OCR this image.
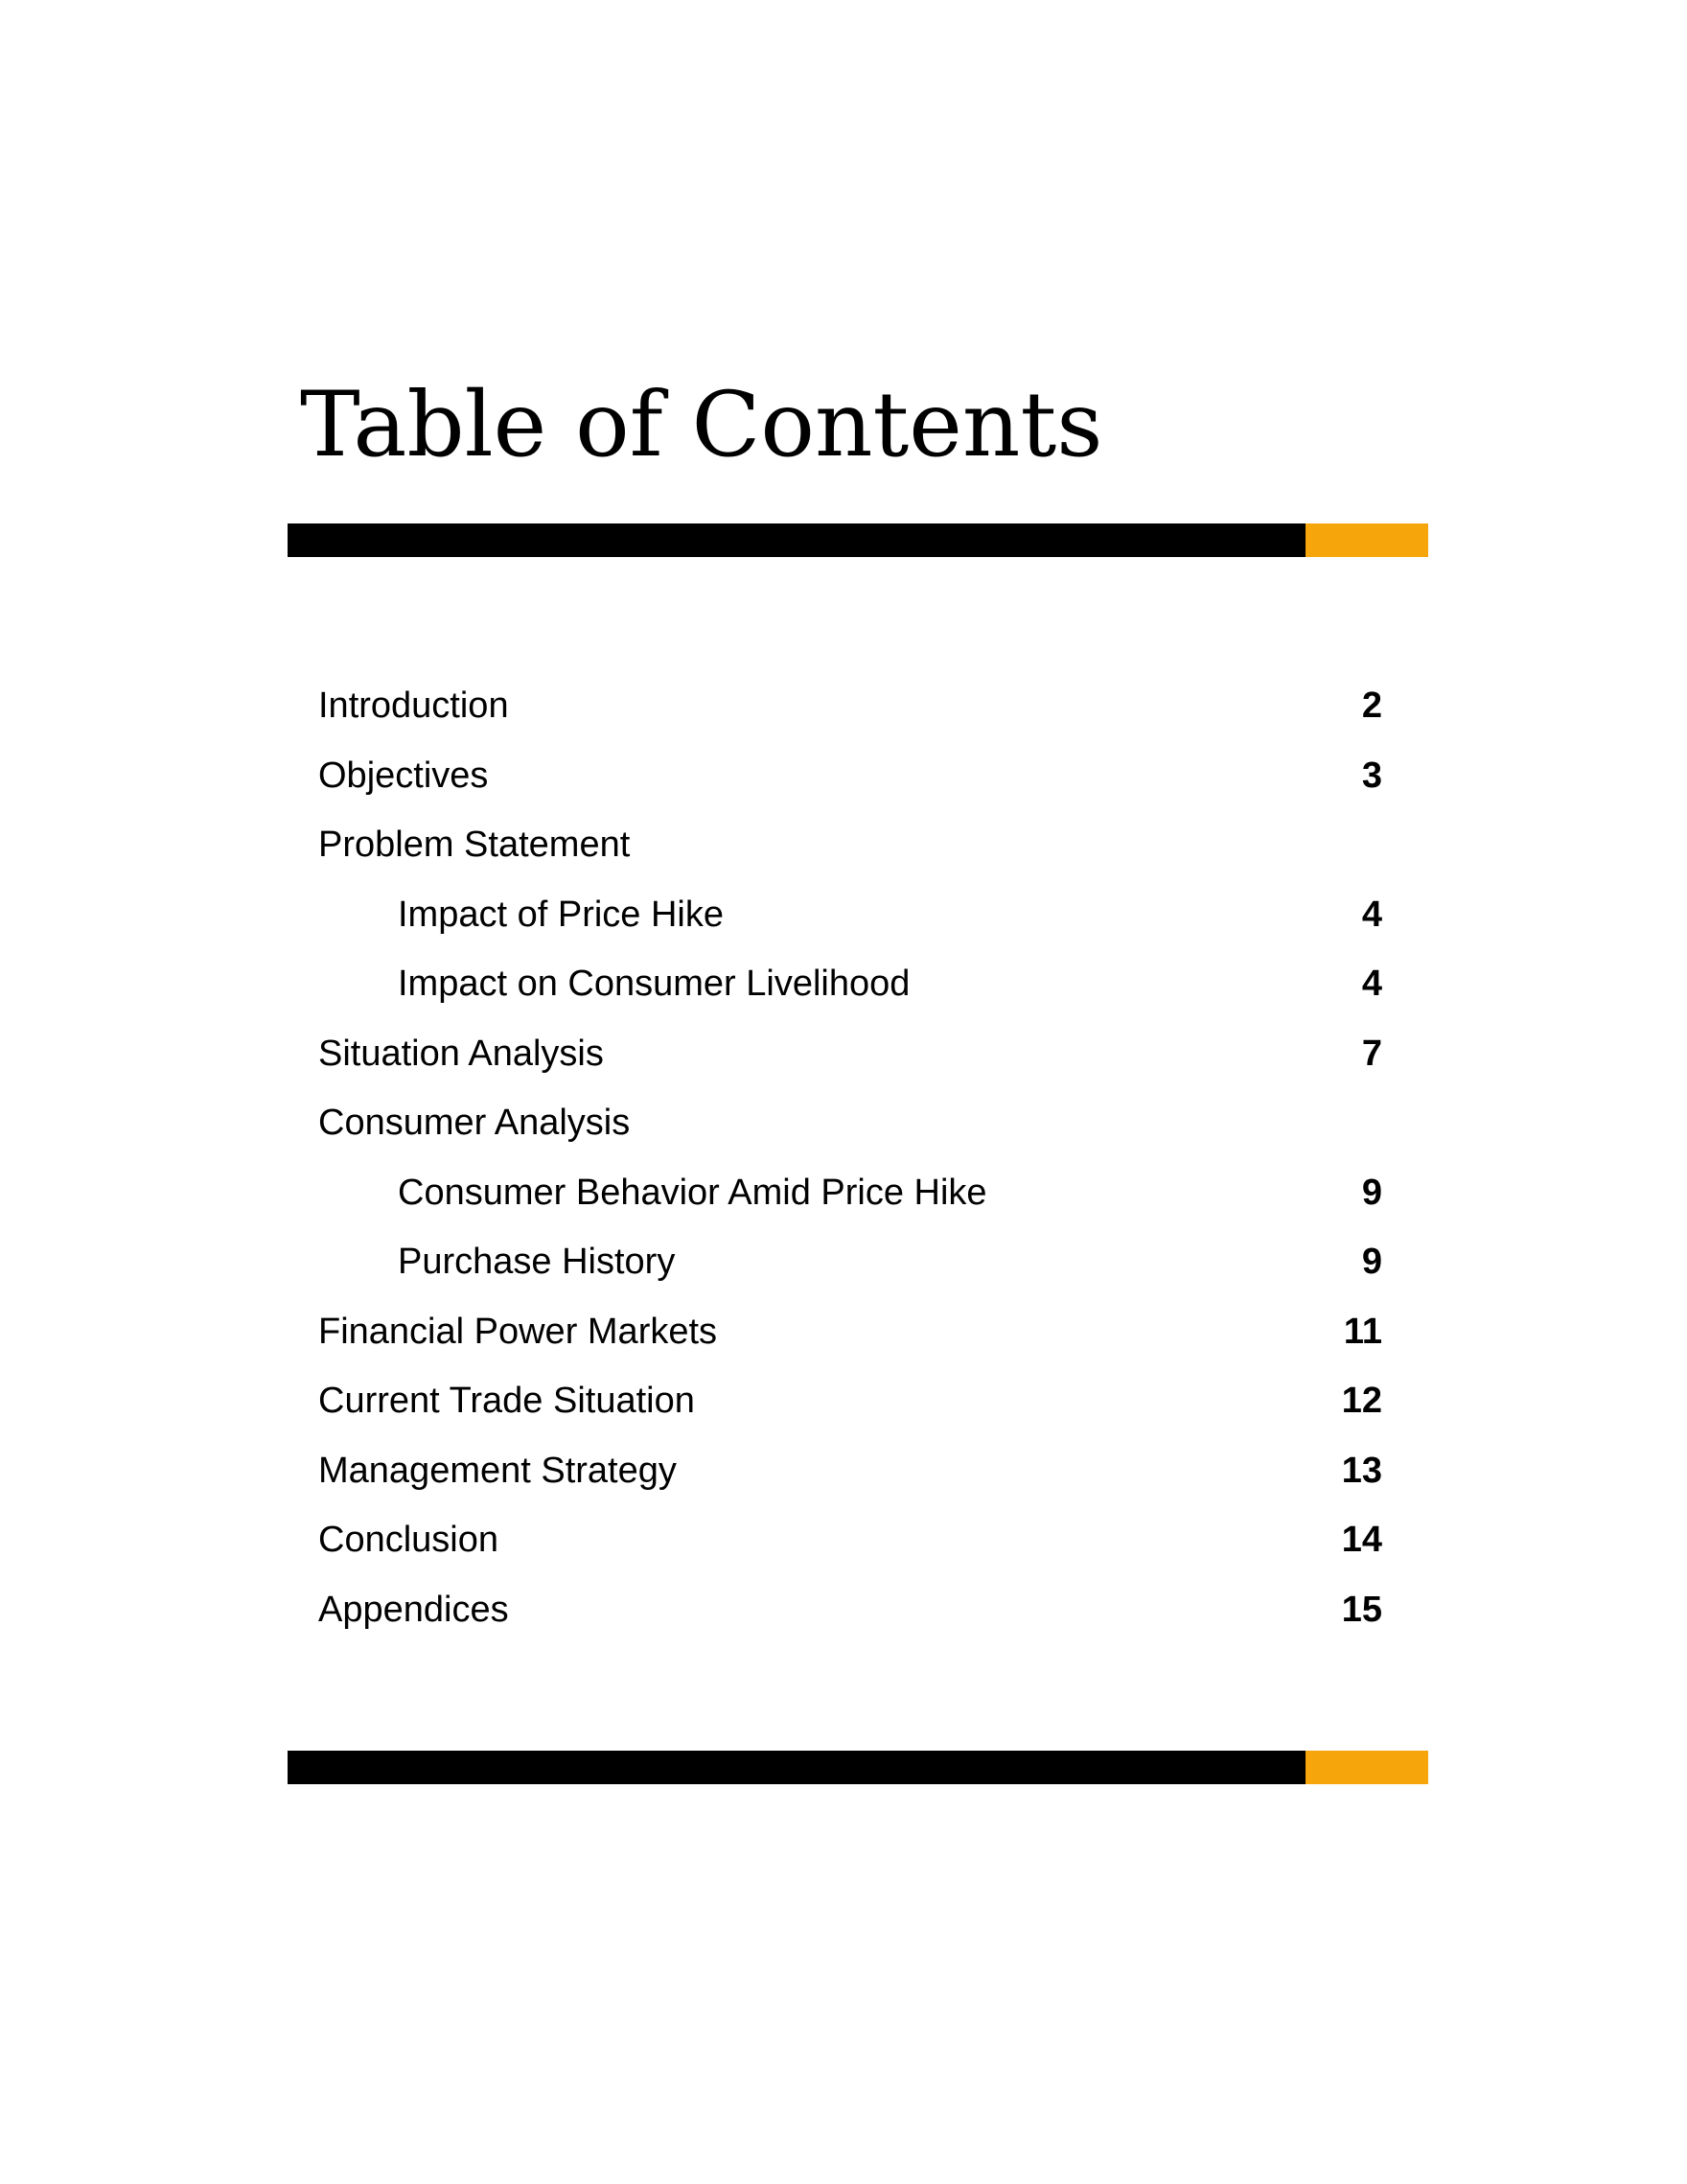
Table of Contents
Introduction	2
Objectives	3
Problem Statement
Impact of Price Hike	4
Impact on Consumer Livelihood	4
Situation Analysis	7
Consumer Analysis
Consumer Behavior Amid Price Hike	9
Purchase History	9
Financial Power Markets	11
Current Trade Situation	12
Management Strategy	13
Conclusion	14
Appendices	15
